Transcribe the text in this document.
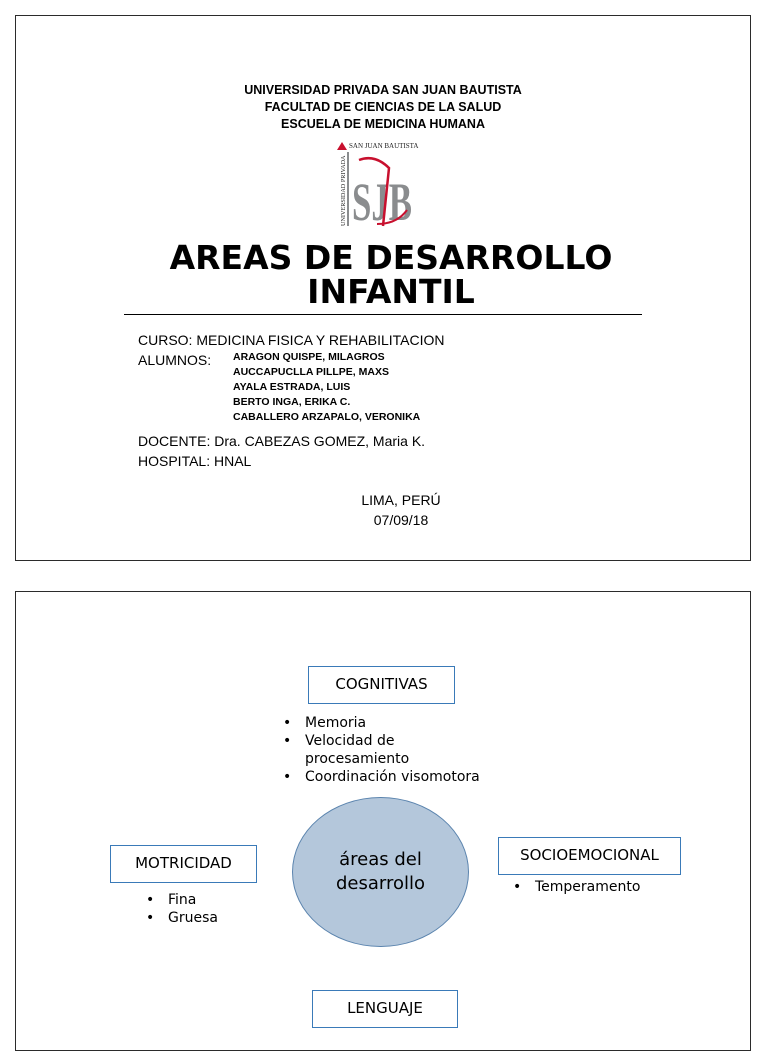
UNIVERSIDAD PRIVADA SAN JUAN BAUTISTA
FACULTAD DE CIENCIAS DE LA SALUD
ESCUELA DE MEDICINA HUMANA
SAN JUAN BAUTISTA
UNIVERSIDAD PRIVADA SJB
AREAS DE DESARROLLO
INFANTIL
CURSO: MEDICINA FISICA Y REHABILITACION
ALUMNOS: ARAGON QUISPE, MILAGROS
AUCCAPUCLLA PILLPE, MAXS
AYALA ESTRADA, LUIS
BERTO INGA, ERIKA C.
CABALLERO ARZAPALO, VERONIKA
DOCENTE: Dra. CABEZAS GOMEZ, Maria K.
HOSPITAL: HNAL
LIMA, PERÚ
07/09/18
COGNITIVAS
• Memoria
• Velocidad de procesamiento
• Coordinación visomotora
áreas del
desarrollo
MOTRICIDAD
• Fina
• Gruesa
SOCIOEMOCIONAL
• Temperamento
LENGUAJE
